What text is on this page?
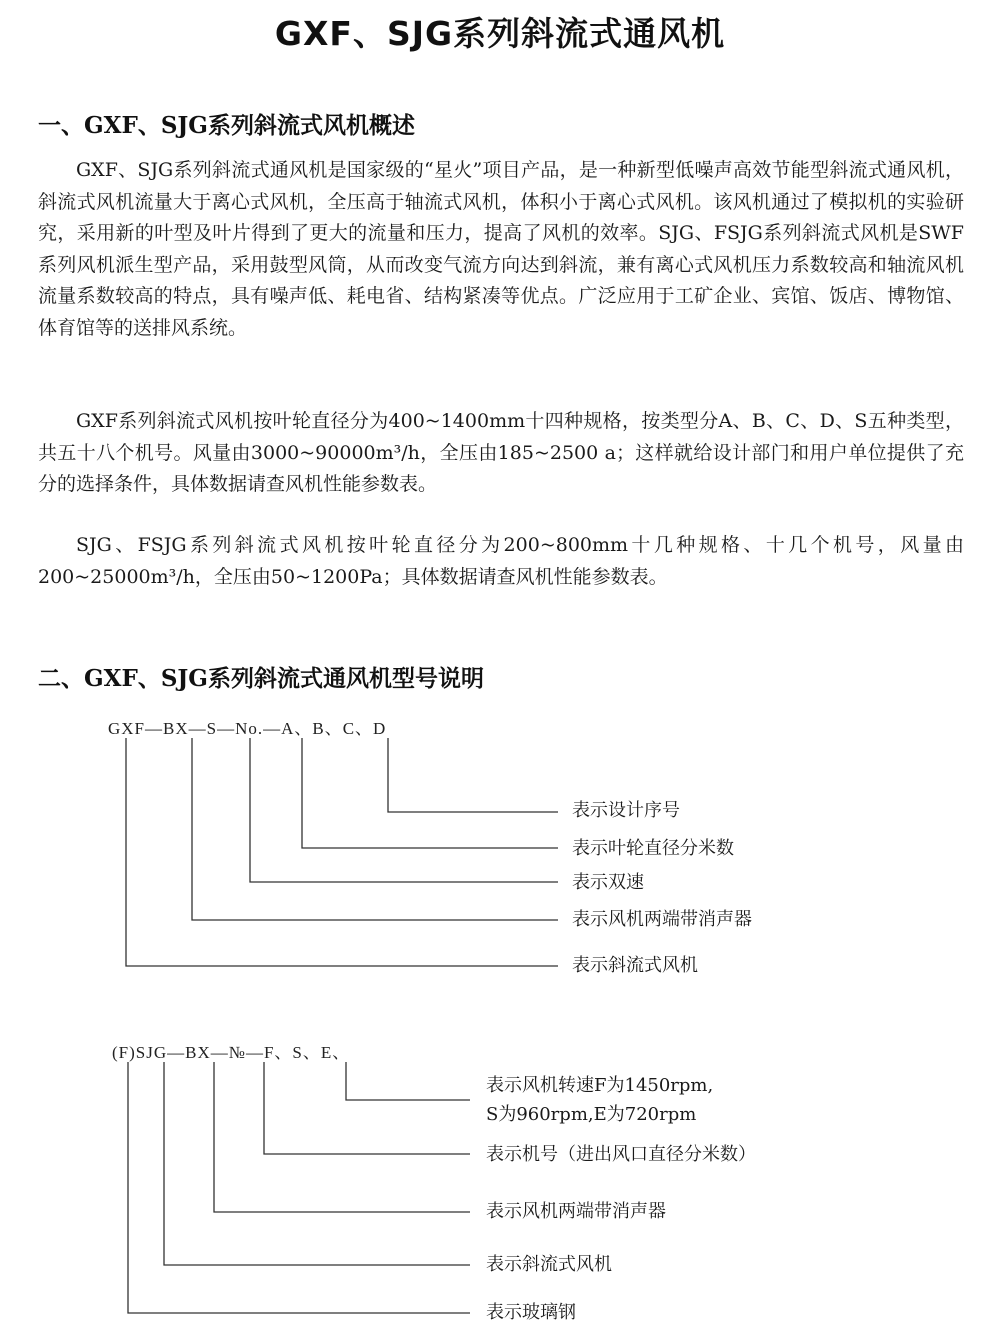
GXF、SJG系列斜流式通风机
一、GXF、SJG系列斜流式风机概述

GXF、SJG系列斜流式通风机是国家级的“星火”项目产品，是一种新型低噪声高效节能型斜流式通风机，斜流式风机流量大于离心式风机，全压高于轴流式风机，体积小于离心式风机。该风机通过了模拟机的实验研究，采用新的叶型及叶片得到了更大的流量和压力，提高了风机的效率。SJG、FSJG系列斜流式风机是SWF系列风机派生型产品，采用鼓型风筒，从而改变气流方向达到斜流，兼有离心式风机压力系数较高和轴流风机流量系数较高的特点，具有噪声低、耗电省、结构紧凑等优点。广泛应用于工矿企业、宾馆、饭店、博物馆、体育馆等的送排风系统。

GXF系列斜流式风机按叶轮直径分为400~1400mm十四种规格，按类型分A、B、C、D、S五种类型，共五十八个机号。风量由3000~90000m³/h，全压由185~2500 a；这样就给设计部门和用户单位提供了充分的选择条件，具体数据请查风机性能参数表。

SJG、FSJG系列斜流式风机按叶轮直径分为200~800mm十几种规格、十几个机号，风量由200~25000m³/h，全压由50~1200Pa；具体数据请查风机性能参数表。

二、GXF、SJG系列斜流式通风机型号说明
GXF—BX—S—No.—A、B、C、D
表示设计序号
表示叶轮直径分米数
表示双速
表示风机两端带消声器
表示斜流式风机
(F)SJG—BX—№—F、S、E、
表示风机转速F为1450rpm,
S为960rpm,E为720rpm
表示机号（进出风口直径分米数）
表示风机两端带消声器
表示斜流式风机
表示玻璃钢
